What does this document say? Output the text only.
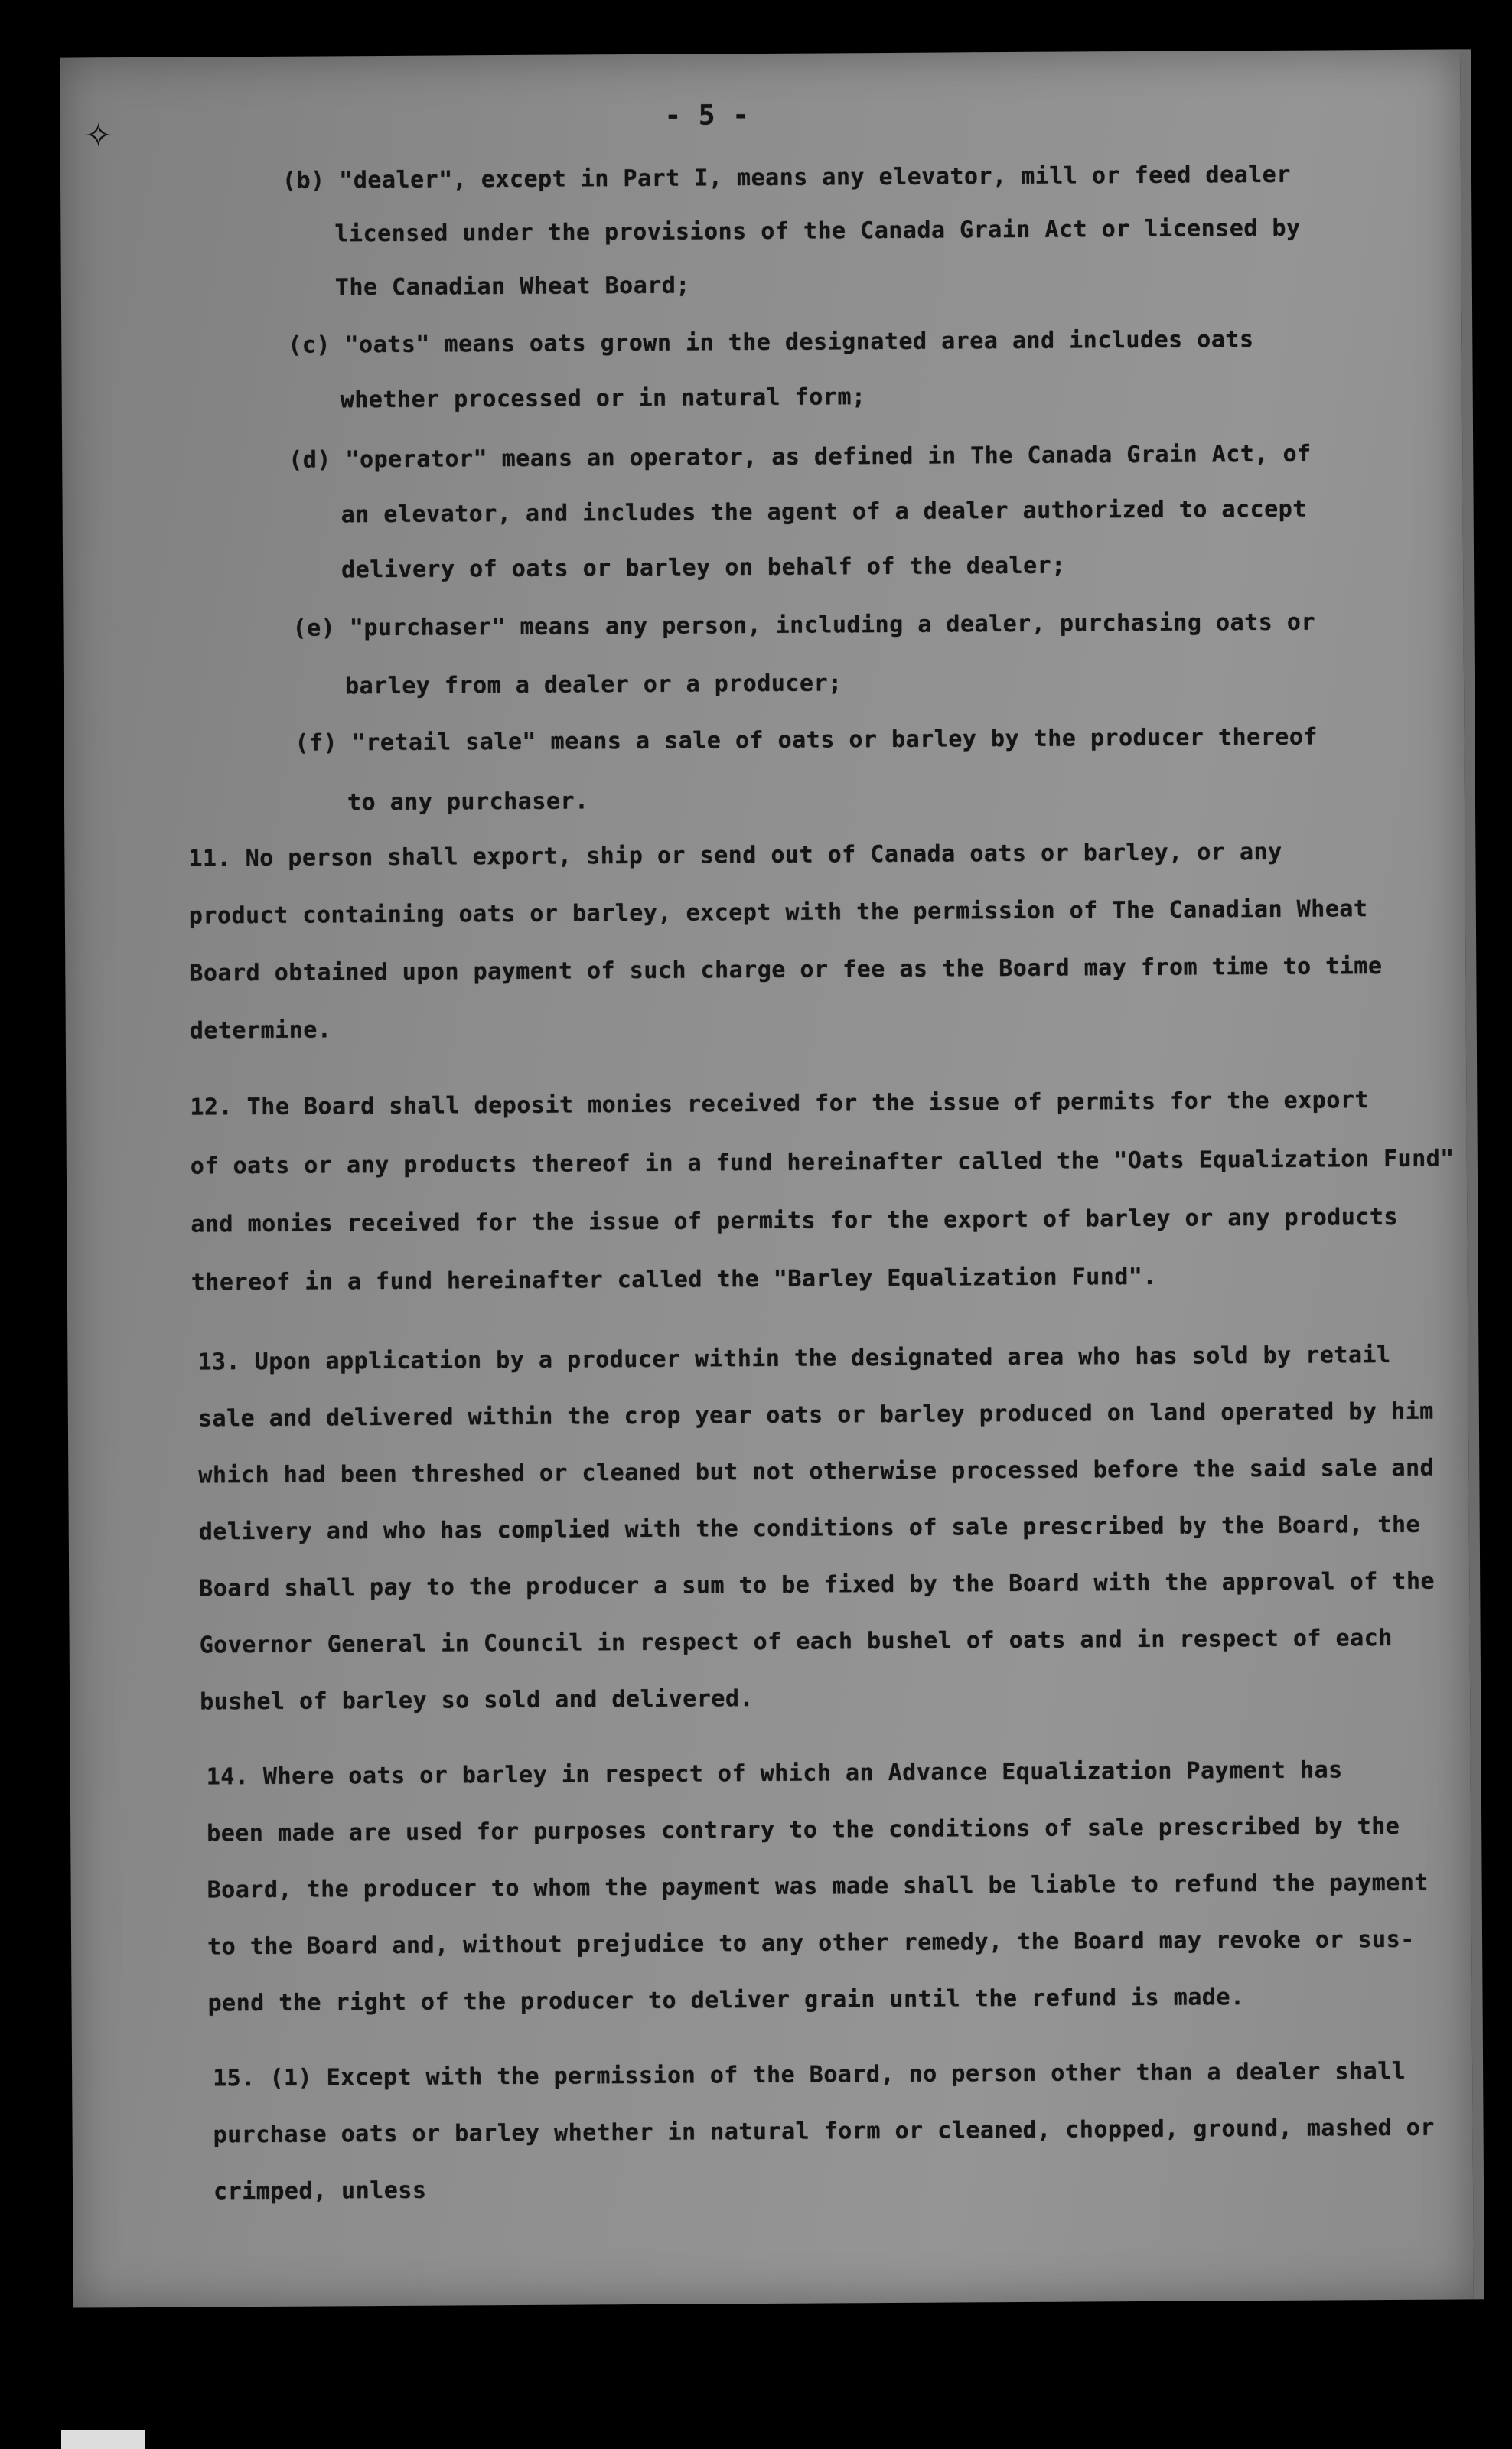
- 5 -
(b) "dealer", except in Part I, means any elevator, mill or feed dealer
licensed under the provisions of the Canada Grain Act or licensed by
The Canadian Wheat Board;
(c) "oats" means oats grown in the designated area and includes oats
whether processed or in natural form;
(d) "operator" means an operator, as defined in The Canada Grain Act, of
an elevator, and includes the agent of a dealer authorized to accept
delivery of oats or barley on behalf of the dealer;
(e) "purchaser" means any person, including a dealer, purchasing oats or
barley from a dealer or a producer;
(f) "retail sale" means a sale of oats or barley by the producer thereof
to any purchaser.
11. No person shall export, ship or send out of Canada oats or barley, or any
product containing oats or barley, except with the permission of The Canadian Wheat
Board obtained upon payment of such charge or fee as the Board may from time to time
determine.
12. The Board shall deposit monies received for the issue of permits for the export
of oats or any products thereof in a fund hereinafter called the "Oats Equalization Fund"
and monies received for the issue of permits for the export of barley or any products
thereof in a fund hereinafter called the "Barley Equalization Fund".
13. Upon application by a producer within the designated area who has sold by retail
sale and delivered within the crop year oats or barley produced on land operated by him
which had been threshed or cleaned but not otherwise processed before the said sale and
delivery and who has complied with the conditions of sale prescribed by the Board, the
Board shall pay to the producer a sum to be fixed by the Board with the approval of the
Governor General in Council in respect of each bushel of oats and in respect of each
bushel of barley so sold and delivered.
14. Where oats or barley in respect of which an Advance Equalization Payment has
been made are used for purposes contrary to the conditions of sale prescribed by the
Board, the producer to whom the payment was made shall be liable to refund the payment
to the Board and, without prejudice to any other remedy, the Board may revoke or sus-
pend the right of the producer to deliver grain until the refund is made.
15. (1) Except with the permission of the Board, no person other than a dealer shall
purchase oats or barley whether in natural form or cleaned, chopped, ground, mashed or
crimped, unless
✧
